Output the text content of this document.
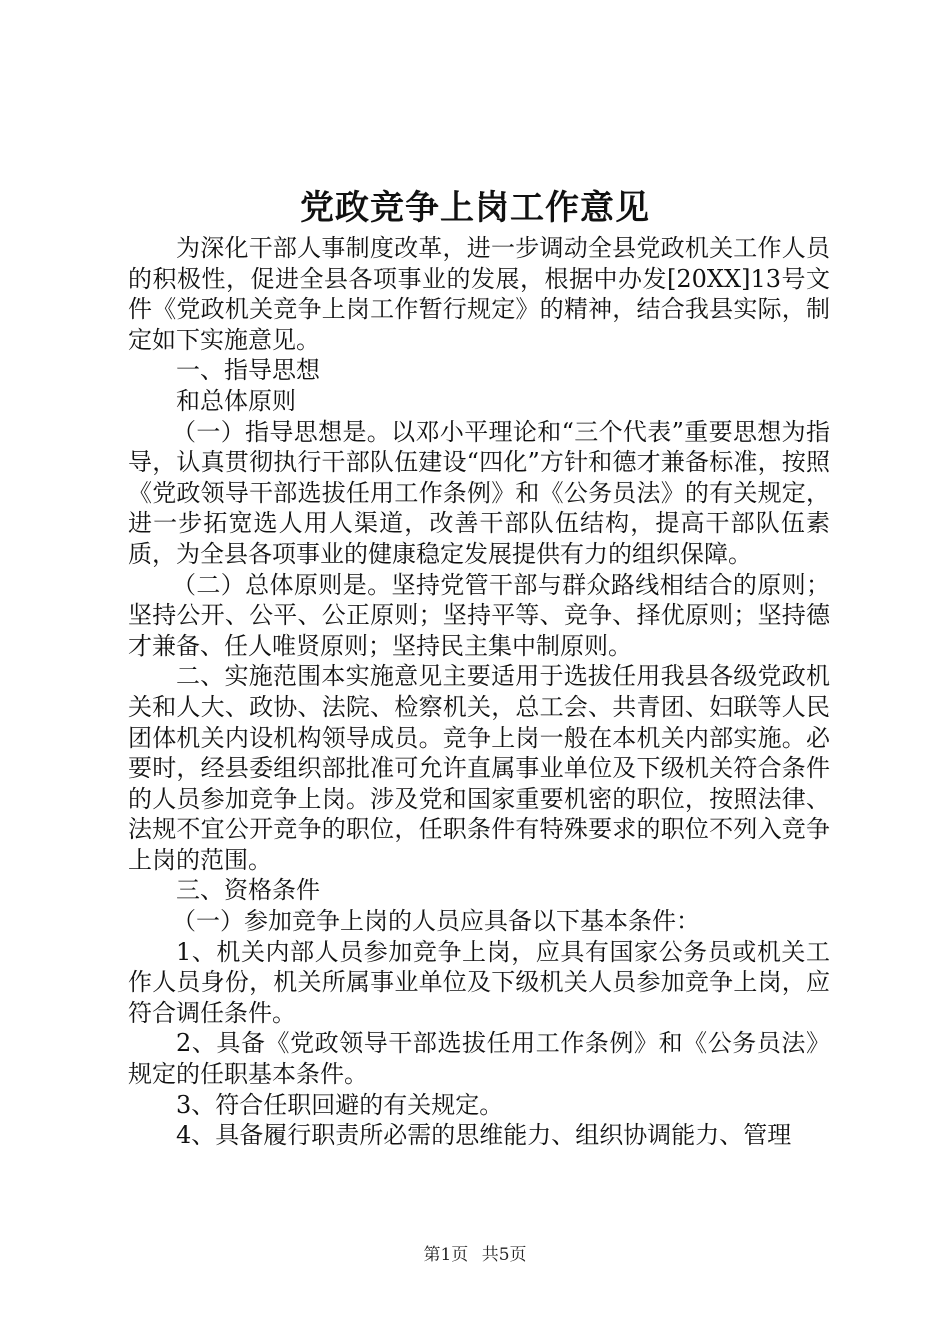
党政竞争上岗工作意见

为深化干部人事制度改革，进一步调动全县党政机关工作人员的积极性，促进全县各项事业的发展，根据中办发[20XX]13号文件《党政机关竞争上岗工作暂行规定》的精神，结合我县实际，制定如下实施意见。

一、指导思想

和总体原则

（一）指导思想是。以邓小平理论和“三个代表”重要思想为指导，认真贯彻执行干部队伍建设“四化”方针和德才兼备标准，按照《党政领导干部选拔任用工作条例》和《公务员法》的有关规定，进一步拓宽选人用人渠道，改善干部队伍结构，提高干部队伍素质，为全县各项事业的健康稳定发展提供有力的组织保障。

（二）总体原则是。坚持党管干部与群众路线相结合的原则；坚持公开、公平、公正原则；坚持平等、竞争、择优原则；坚持德才兼备、任人唯贤原则；坚持民主集中制原则。

二、实施范围本实施意见主要适用于选拔任用我县各级党政机关和人大、政协、法院、检察机关，总工会、共青团、妇联等人民团体机关内设机构领导成员。竞争上岗一般在本机关内部实施。必要时，经县委组织部批准可允许直属事业单位及下级机关符合条件的人员参加竞争上岗。涉及党和国家重要机密的职位，按照法律、法规不宜公开竞争的职位，任职条件有特殊要求的职位不列入竞争上岗的范围。

三、资格条件

（一）参加竞争上岗的人员应具备以下基本条件：

1、机关内部人员参加竞争上岗，应具有国家公务员或机关工作人员身份，机关所属事业单位及下级机关人员参加竞争上岗，应符合调任条件。

2、具备《党政领导干部选拔任用工作条例》和《公务员法》规定的任职基本条件。

3、符合任职回避的有关规定。

4、具备履行职责所必需的思维能力、组织协调能力、管理

第1页 共5页
